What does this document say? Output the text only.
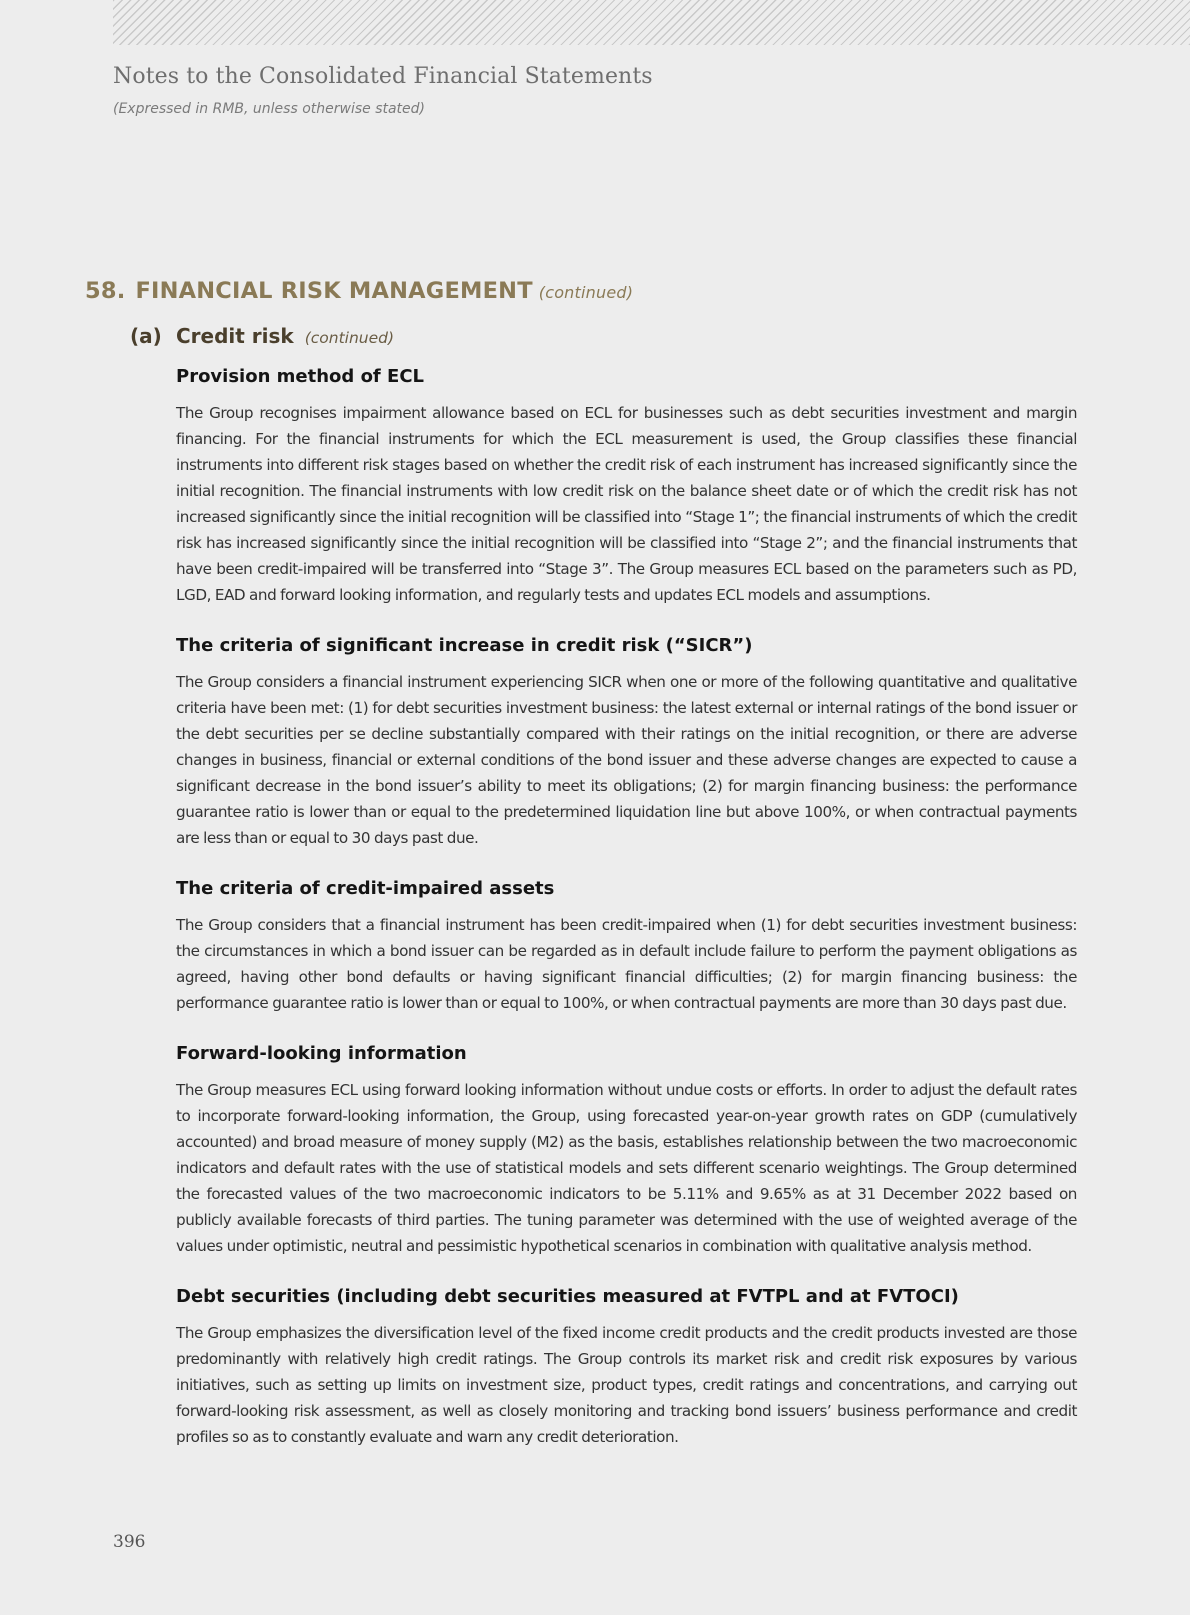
Notes to the Consolidated Financial Statements
(Expressed in RMB, unless otherwise stated)
58. FINANCIAL RISK MANAGEMENT (continued)
(a) Credit risk (continued)
Provision method of ECL

The Group recognises impairment allowance based on ECL for businesses such as debt securities investment and margin financing. For the financial instruments for which the ECL measurement is used, the Group classifies these financial instruments into different risk stages based on whether the credit risk of each instrument has increased significantly since the initial recognition. The financial instruments with low credit risk on the balance sheet date or of which the credit risk has not increased significantly since the initial recognition will be classified into “Stage 1”; the financial instruments of which the credit risk has increased significantly since the initial recognition will be classified into “Stage 2”; and the financial instruments that have been credit-impaired will be transferred into “Stage 3”. The Group measures ECL based on the parameters such as PD, LGD, EAD and forward looking information, and regularly tests and updates ECL models and assumptions.

The criteria of significant increase in credit risk (“SICR”)

The Group considers a financial instrument experiencing SICR when one or more of the following quantitative and qualitative criteria have been met: (1) for debt securities investment business: the latest external or internal ratings of the bond issuer or the debt securities per se decline substantially compared with their ratings on the initial recognition, or there are adverse changes in business, financial or external conditions of the bond issuer and these adverse changes are expected to cause a significant decrease in the bond issuer’s ability to meet its obligations; (2) for margin financing business: the performance guarantee ratio is lower than or equal to the predetermined liquidation line but above 100%, or when contractual payments are less than or equal to 30 days past due.

The criteria of credit-impaired assets

The Group considers that a financial instrument has been credit-impaired when (1) for debt securities investment business: the circumstances in which a bond issuer can be regarded as in default include failure to perform the payment obligations as agreed, having other bond defaults or having significant financial difficulties; (2) for margin financing business: the performance guarantee ratio is lower than or equal to 100%, or when contractual payments are more than 30 days past due.

Forward-looking information

The Group measures ECL using forward looking information without undue costs or efforts. In order to adjust the default rates to incorporate forward-looking information, the Group, using forecasted year-on-year growth rates on GDP (cumulatively accounted) and broad measure of money supply (M2) as the basis, establishes relationship between the two macroeconomic indicators and default rates with the use of statistical models and sets different scenario weightings. The Group determined the forecasted values of the two macroeconomic indicators to be 5.11% and 9.65% as at 31 December 2022 based on publicly available forecasts of third parties. The tuning parameter was determined with the use of weighted average of the values under optimistic, neutral and pessimistic hypothetical scenarios in combination with qualitative analysis method.

Debt securities (including debt securities measured at FVTPL and at FVTOCI)

The Group emphasizes the diversification level of the fixed income credit products and the credit products invested are those predominantly with relatively high credit ratings. The Group controls its market risk and credit risk exposures by various initiatives, such as setting up limits on investment size, product types, credit ratings and concentrations, and carrying out forward-looking risk assessment, as well as closely monitoring and tracking bond issuers’ business performance and credit profiles so as to constantly evaluate and warn any credit deterioration.

396
